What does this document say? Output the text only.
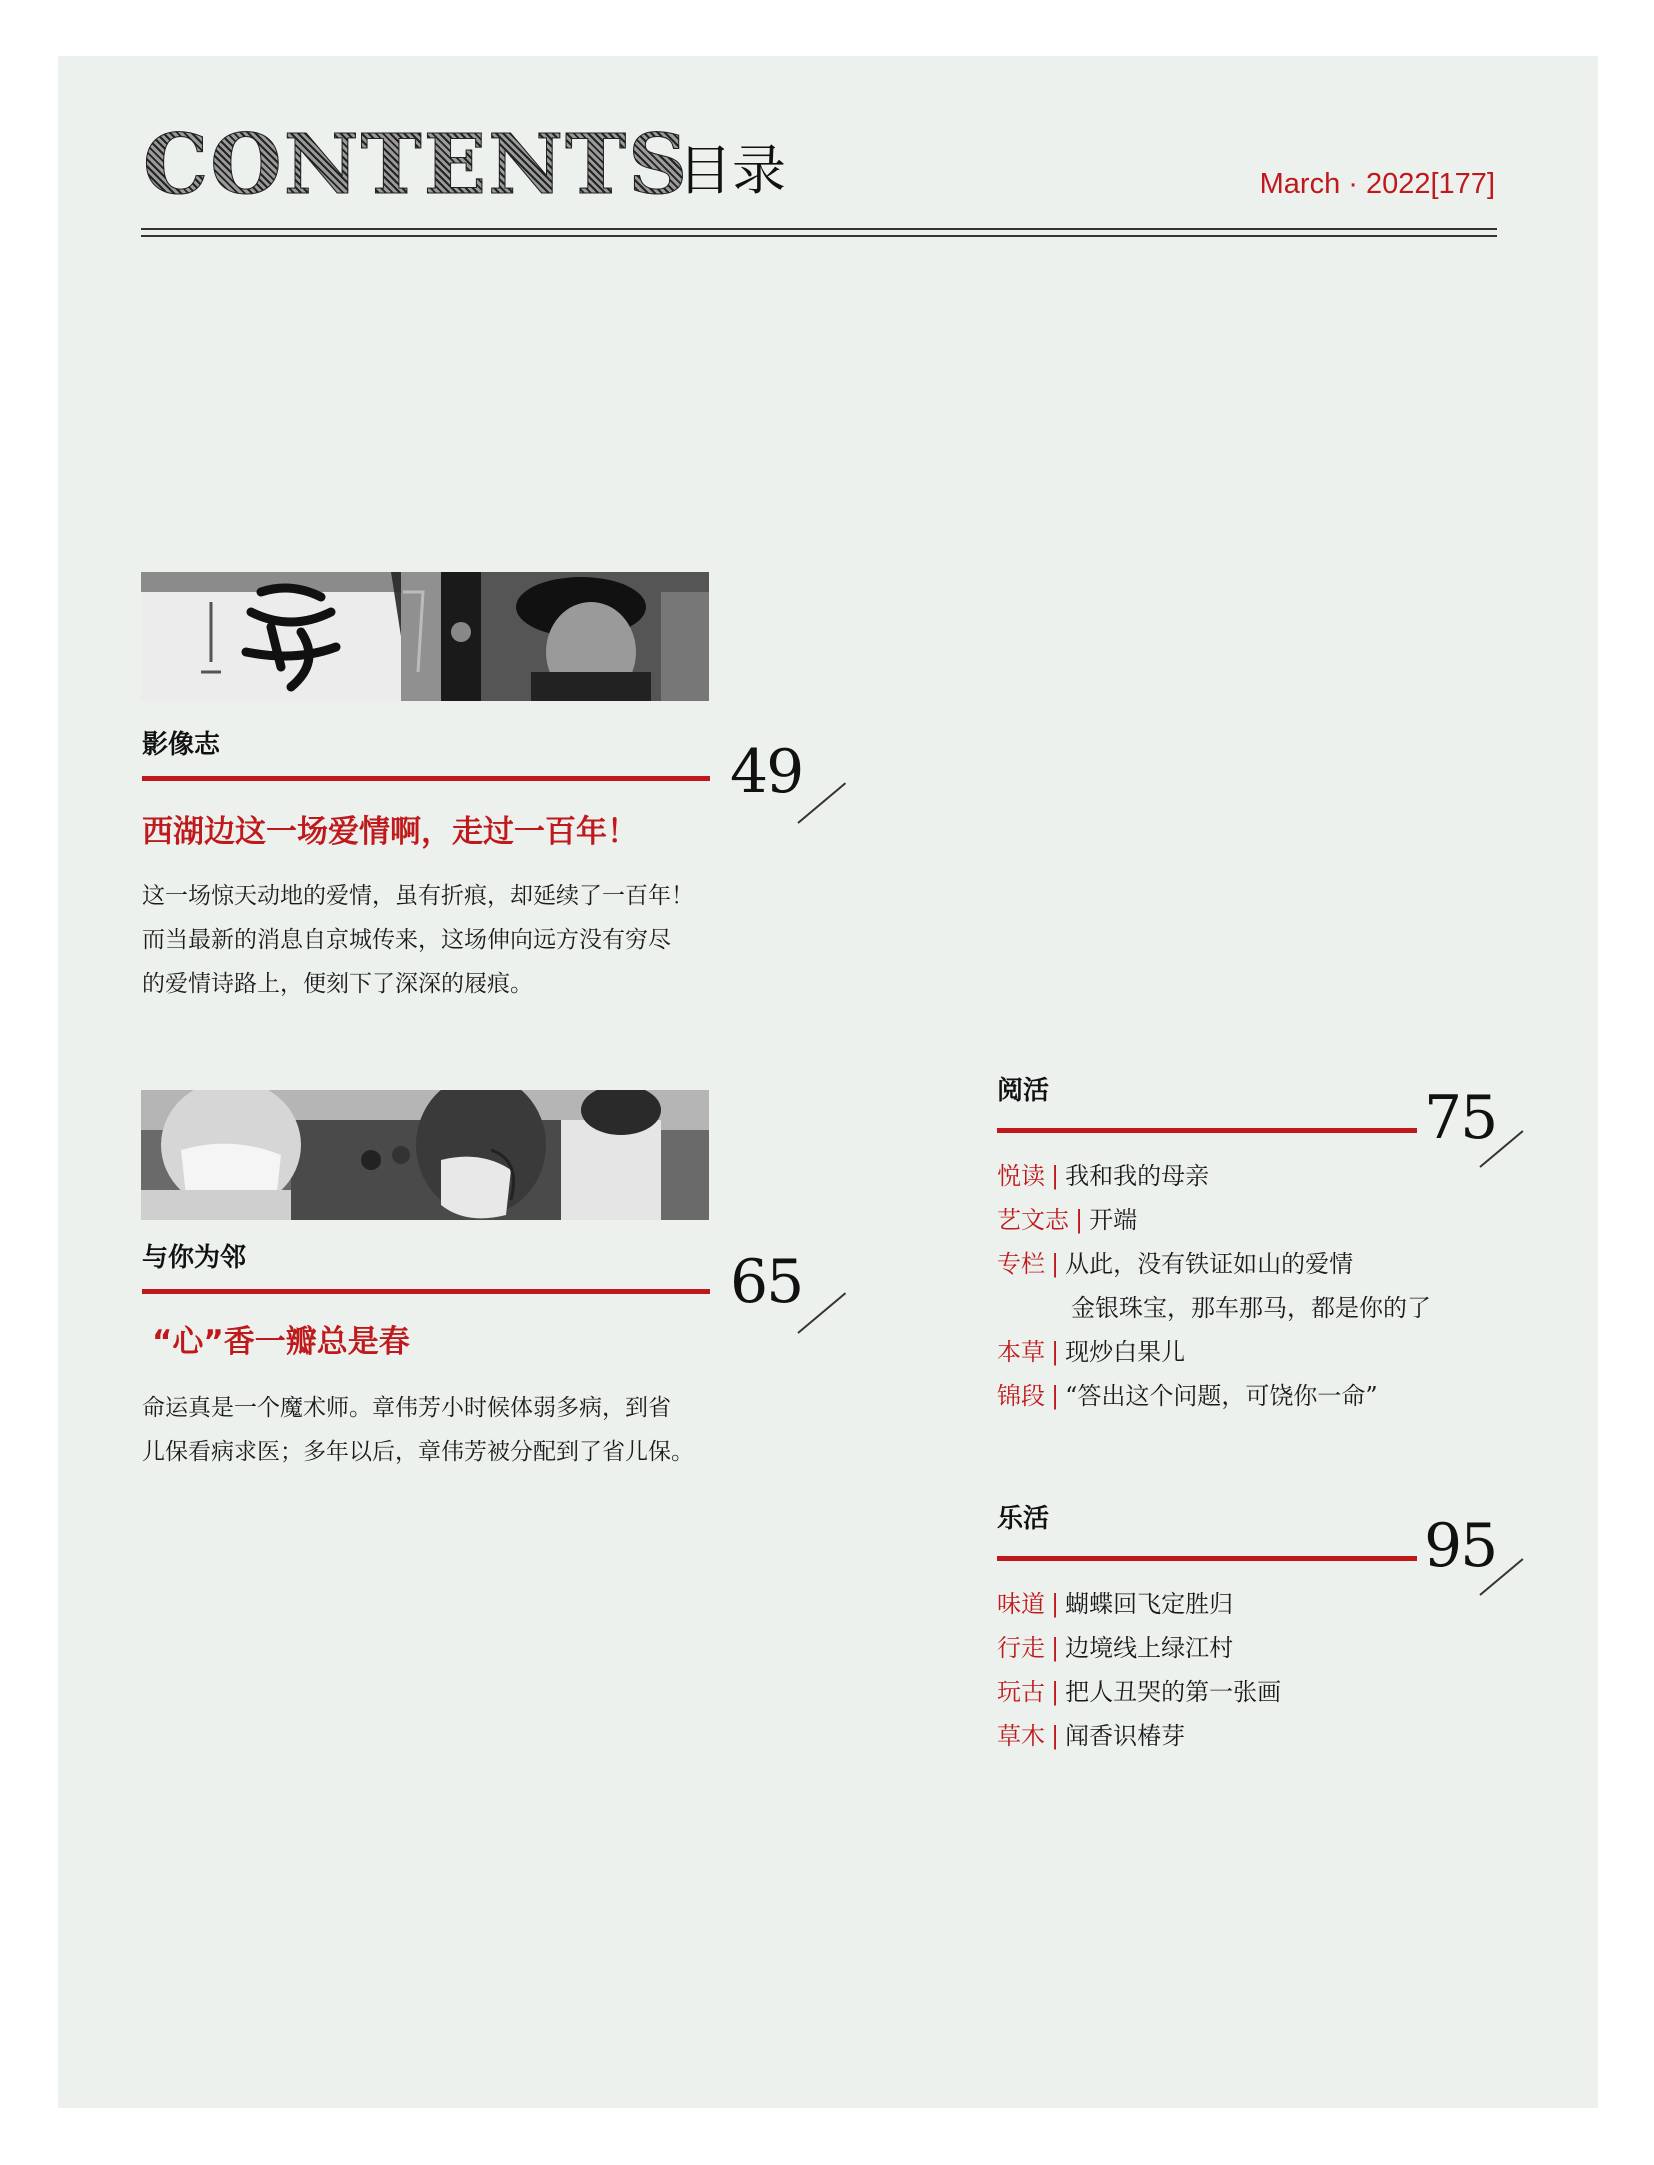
CONTENTS
目录	March · 2022[177]
影像志	49
西湖边这一场爱情啊，走过一百年！
这一场惊天动地的爱情，虽有折痕，却延续了一百年！
而当最新的消息自京城传来，这场伸向远方没有穷尽
的爱情诗路上，便刻下了深深的屐痕。
与你为邻	65
“心”香一瓣总是春
命运真是一个魔术师。章伟芳小时候体弱多病，到省
儿保看病求医；多年以后，章伟芳被分配到了省儿保。
阅活	75
悦读 | 我和我的母亲
艺文志 | 开端
专栏 | 从此，没有铁证如山的爱情
金银珠宝，那车那马，都是你的了
本草 | 现炒白果儿
锦段 | “答出这个问题，可饶你一命”
乐活	95
味道 | 蝴蝶回飞定胜归
行走 | 边境线上绿江村
玩古 | 把人丑哭的第一张画
草木 | 闻香识椿芽
